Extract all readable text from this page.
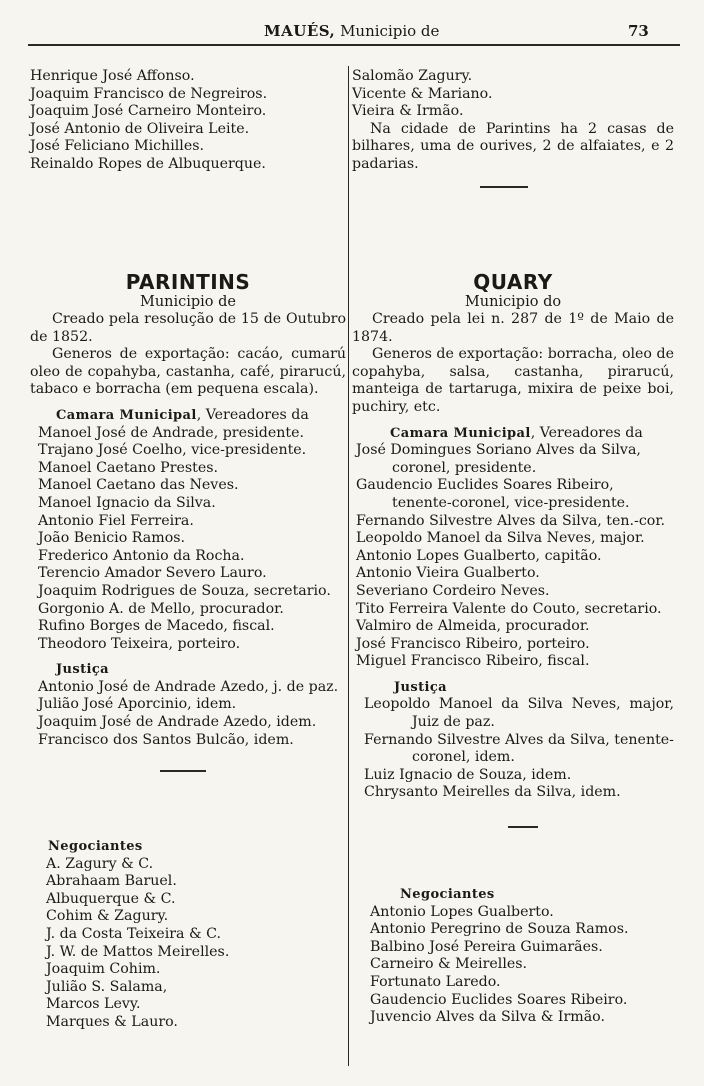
MAUÉS, Municipio de	73
Henrique José Affonso.
Joaquim Francisco de Negreiros.
Joaquim José Carneiro Monteiro.
José Antonio de Oliveira Leite.
José Feliciano Michilles.
Reinaldo Ropes de Albuquerque.
Salomão Zagury.
Vicente & Mariano.
Vieira & Irmão.
Na cidade de Parintins ha 2 casas de bilhares, uma de ourives, 2 de alfaiates, e 2 padarias.
PARINTINS
Municipio de
Creado pela resolução de 15 de Outubro de 1852.
Generos de exportação: cacáo, cumarú oleo de copahyba, castanha, café, pirarucú, tabaco e borracha (em pequena escala).
Camara Municipal, Vereadores da
Manoel José de Andrade, presidente.
Trajano José Coelho, vice-presidente.
Manoel Caetano Prestes.
Manoel Caetano das Neves.
Manoel Ignacio da Silva.
Antonio Fiel Ferreira.
João Benicio Ramos.
Frederico Antonio da Rocha.
Terencio Amador Severo Lauro.
Joaquim Rodrigues de Souza, secretario.
Gorgonio A. de Mello, procurador.
Rufino Borges de Macedo, fiscal.
Theodoro Teixeira, porteiro.
Justiça
Antonio José de Andrade Azedo, j. de paz.
Julião José Aporcinio, idem.
Joaquim José de Andrade Azedo, idem.
Francisco dos Santos Bulcão, idem.
Negociantes
A. Zagury & C.
Abrahaam Baruel.
Albuquerque & C.
Cohim & Zagury.
J. da Costa Teixeira & C.
J. W. de Mattos Meirelles.
Joaquim Cohim.
Julião S. Salama,
Marcos Levy.
Marques & Lauro.
QUARY
Municipio do
Creado pela lei n. 287 de 1º de Maio de 1874.
Generos de exportação: borracha, oleo de copahyba, salsa, castanha, pirarucú, manteiga de tartaruga, mixira de peixe boi, puchiry, etc.
Camara Municipal, Vereadores da
José Domingues Soriano Alves da Silva, coronel, presidente.
Gaudencio Euclides Soares Ribeiro, tenente-coronel, vice-presidente.
Fernando Silvestre Alves da Silva, ten.-cor.
Leopoldo Manoel da Silva Neves, major.
Antonio Lopes Gualberto, capitão.
Antonio Vieira Gualberto.
Severiano Cordeiro Neves.
Tito Ferreira Valente do Couto, secretario.
Valmiro de Almeida, procurador.
José Francisco Ribeiro, porteiro.
Miguel Francisco Ribeiro, fiscal.
Justiça
Leopoldo Manoel da Silva Neves, major, Juiz de paz.
Fernando Silvestre Alves da Silva, tenente-coronel, idem.
Luiz Ignacio de Souza, idem.
Chrysanto Meirelles da Silva, idem.
Negociantes
Antonio Lopes Gualberto.
Antonio Peregrino de Souza Ramos.
Balbino José Pereira Guimarães.
Carneiro & Meirelles.
Fortunato Laredo.
Gaudencio Euclides Soares Ribeiro.
Juvencio Alves da Silva & Irmão.
